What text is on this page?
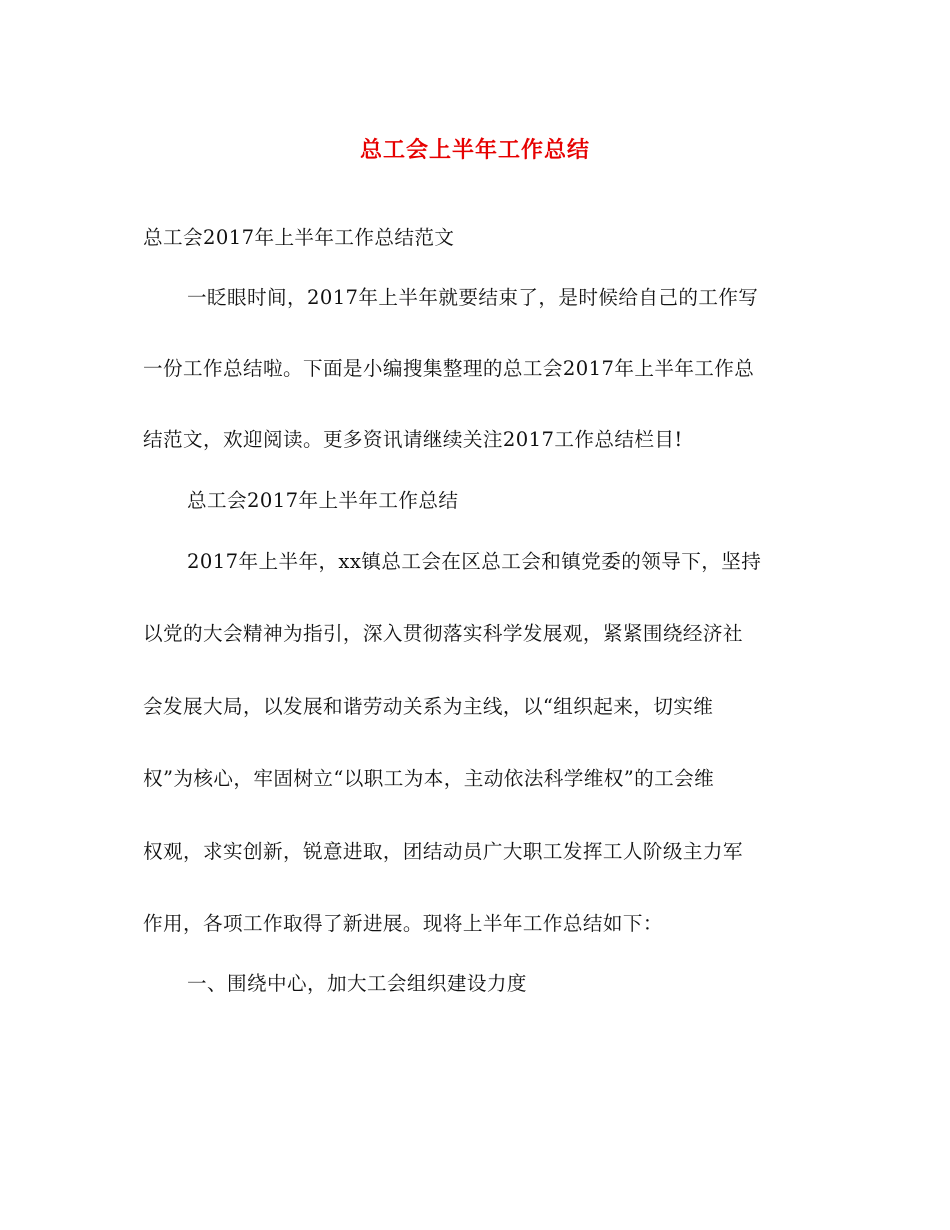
总工会上半年工作总结
总工会2017年上半年工作总结范文
一眨眼时间，2017年上半年就要结束了，是时候给自己的工作写
一份工作总结啦。下面是小编搜集整理的总工会2017年上半年工作总
结范文，欢迎阅读。更多资讯请继续关注2017工作总结栏目!
总工会2017年上半年工作总结
2017年上半年，xx镇总工会在区总工会和镇党委的领导下，坚持
以党的大会精神为指引，深入贯彻落实科学发展观，紧紧围绕经济社
会发展大局，以发展和谐劳动关系为主线，以“组织起来，切实维
权”为核心，牢固树立“以职工为本，主动依法科学维权”的工会维
权观，求实创新，锐意进取，团结动员广大职工发挥工人阶级主力军
作用，各项工作取得了新进展。现将上半年工作总结如下：
一、围绕中心，加大工会组织建设力度
